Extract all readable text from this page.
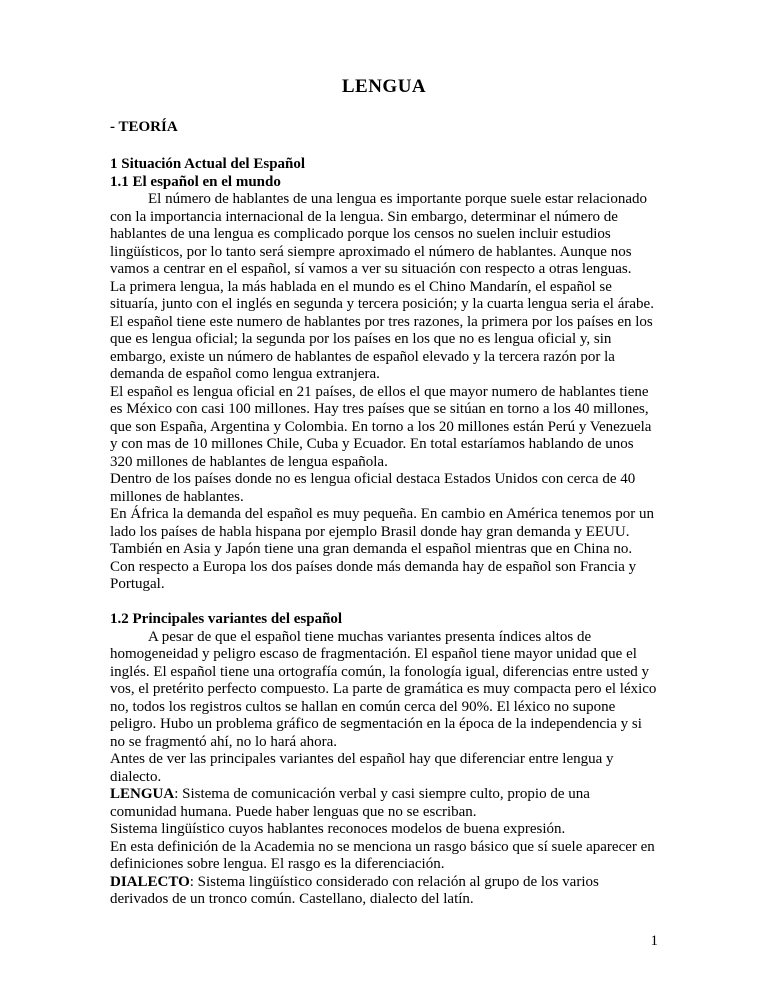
LENGUA

- TEORÍA

1 Situación Actual del Español

1.1 El español en el mundo

El número de hablantes de una lengua es importante porque suele estar relacionado con la importancia internacional de la lengua. Sin embargo, determinar el número de hablantes de una lengua es complicado porque los censos no suelen incluir estudios lingüísticos, por lo tanto será siempre aproximado el número de hablantes. Aunque nos vamos a centrar en el español, sí vamos a ver su situación con respecto a otras lenguas.

La primera lengua, la más hablada en el mundo es el Chino Mandarín, el español se situaría, junto con el inglés en segunda y tercera posición; y la cuarta lengua seria el árabe.

El español tiene este numero de hablantes por tres razones, la primera por los países en los que es lengua oficial; la segunda por los países en los que no es lengua oficial y, sin embargo, existe un número de hablantes de español elevado y la tercera razón por la demanda de español como lengua extranjera.

El español es lengua oficial en 21 países, de ellos el que mayor numero de hablantes tiene es México con casi 100 millones. Hay tres países que se sitúan en torno a los 40 millones, que son España, Argentina y Colombia. En torno a los 20 millones están Perú y Venezuela y con mas de 10 millones Chile, Cuba y Ecuador. En total estaríamos hablando de unos 320 millones de hablantes de lengua española.

Dentro de los países donde no es lengua oficial destaca Estados Unidos con cerca de 40 millones de hablantes.

En África la demanda del español es muy pequeña. En cambio en América tenemos por un lado los países de habla hispana por ejemplo Brasil donde hay gran demanda y EEUU. También en Asia y Japón tiene una gran demanda el español mientras que en China no. Con respecto a Europa los dos países donde más demanda hay de español son Francia y Portugal.

1.2 Principales variantes del español

A pesar de que el español tiene muchas variantes presenta índices altos de homogeneidad y peligro escaso de fragmentación. El español tiene mayor unidad que el inglés. El español tiene una ortografía común, la fonología igual, diferencias entre usted y vos, el pretérito perfecto compuesto. La parte de gramática es muy compacta pero el léxico no, todos los registros cultos se hallan en común cerca del 90%. El léxico no supone peligro. Hubo un problema gráfico de segmentación en la época de la independencia y si no se fragmentó ahí, no lo hará ahora.

Antes de ver las principales variantes del español hay que diferenciar entre lengua y dialecto.

LENGUA: Sistema de comunicación verbal y casi siempre culto, propio de una comunidad humana. Puede haber lenguas que no se escriban.

Sistema lingüístico cuyos hablantes reconoces modelos de buena expresión.

En esta definición de la Academia no se menciona un rasgo básico que sí suele aparecer en definiciones sobre lengua. El rasgo es la diferenciación.

DIALECTO: Sistema lingüístico considerado con relación al grupo de los varios derivados de un tronco común. Castellano, dialecto del latín.

1
